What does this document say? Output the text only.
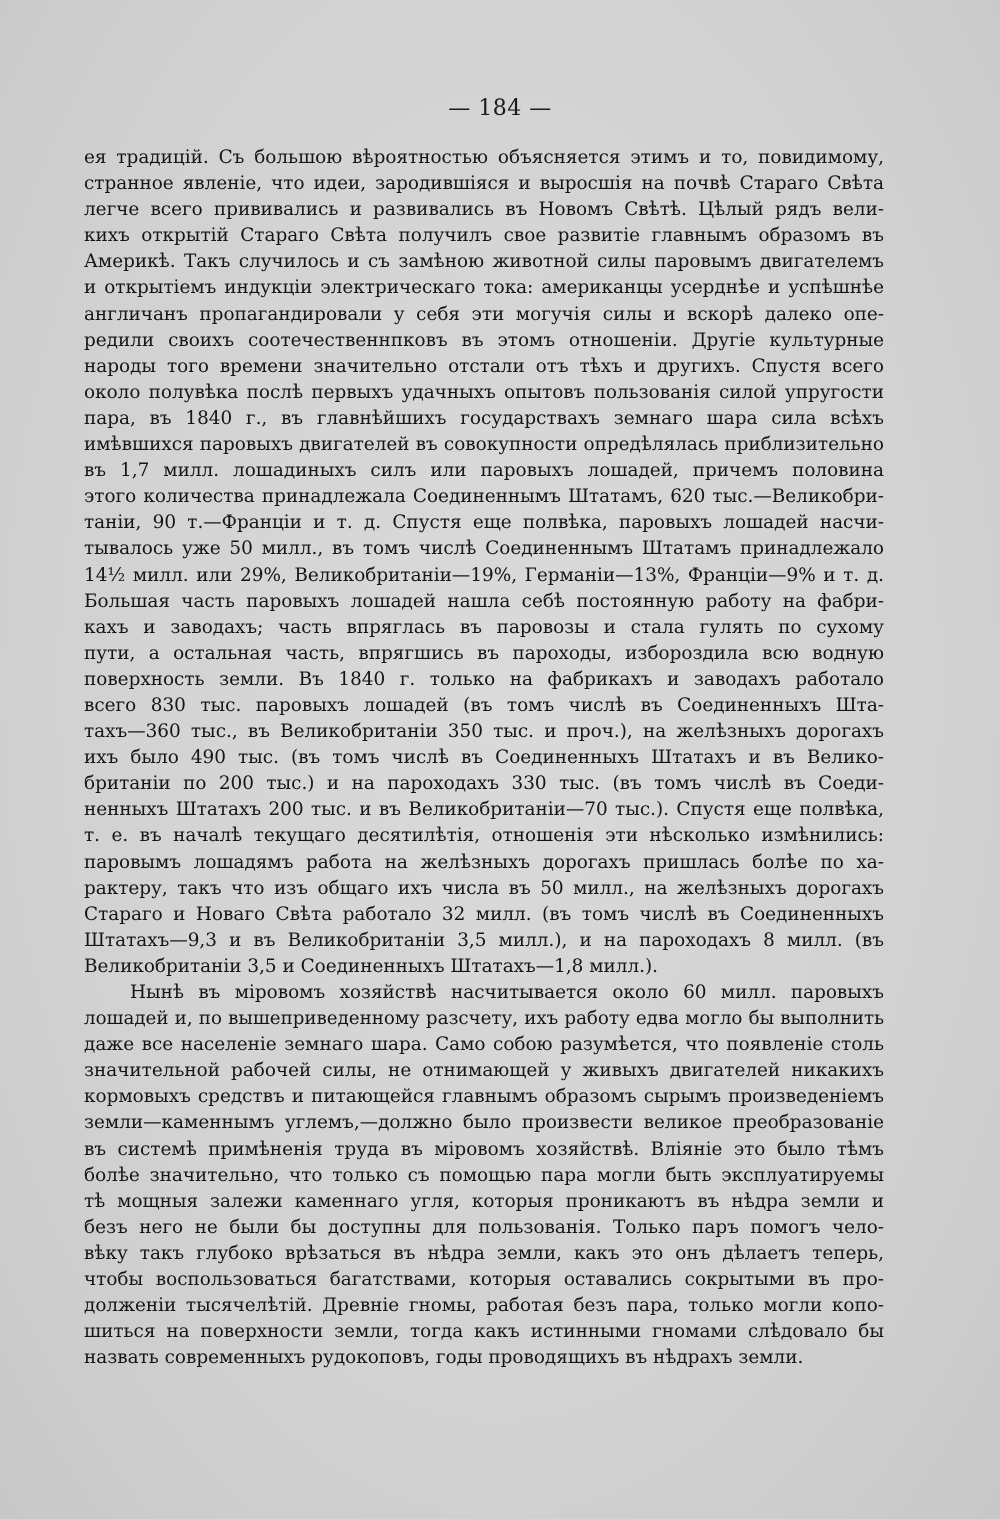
— 184 —
ея традицій. Съ большою вѣроятностью объясняется этимъ и то, повидимому,
странное явленіе, что идеи, зародившіяся и выросшія на почвѣ Стараго Свѣта
легче всего прививались и развивались въ Новомъ Свѣтѣ. Цѣлый рядъ вели-
кихъ открытій Стараго Свѣта получилъ свое развитіе главнымъ образомъ въ
Америкѣ. Такъ случилось и съ замѣною животной силы паровымъ двигателемъ
и открытіемъ индукціи электрическаго тока: американцы усерднѣе и успѣшнѣе
англичанъ пропагандировали у себя эти могучія силы и вскорѣ далеко опе-
редили своихъ соотечественнпковъ въ этомъ отношеніи. Другіе культурные
народы того времени значительно отстали отъ тѣхъ и другихъ. Спустя всего
около полувѣка послѣ первыхъ удачныхъ опытовъ пользованія силой упругости
пара, въ 1840 г., въ главнѣйшихъ государствахъ земнаго шара сила всѣхъ
имѣвшихся паровыхъ двигателей въ совокупности опредѣлялась приблизительно
въ 1,7 милл. лошадиныхъ силъ или паровыхъ лошадей, причемъ половина
этого количества принадлежала Соединеннымъ Штатамъ, 620 тыс.—Великобри-
таніи, 90 т.—Франціи и т. д. Спустя еще полвѣка, паровыхъ лошадей насчи-
тывалось уже 50 милл., въ томъ числѣ Соединеннымъ Штатамъ принадлежало
14½ милл. или 29%, Великобританіи—19%, Германіи—13%, Франціи—9% и т. д.
Большая часть паровыхъ лошадей нашла себѣ постоянную работу на фабри-
кахъ и заводахъ; часть впряглась въ паровозы и стала гулять по сухому
пути, а остальная часть, впрягшись въ пароходы, избороздила всю водную
поверхность земли. Въ 1840 г. только на фабрикахъ и заводахъ работало
всего 830 тыс. паровыхъ лошадей (въ томъ числѣ въ Соединенныхъ Шта-
тахъ—360 тыс., въ Великобританіи 350 тыс. и проч.), на желѣзныхъ дорогахъ
ихъ было 490 тыс. (въ томъ числѣ въ Соединенныхъ Штатахъ и въ Велико-
британіи по 200 тыс.) и на пароходахъ 330 тыс. (въ томъ числѣ въ Соеди-
ненныхъ Штатахъ 200 тыс. и въ Великобританіи—70 тыс.). Спустя еще полвѣка,
т. е. въ началѣ текущаго десятилѣтія, отношенія эти нѣсколько измѣнились:
паровымъ лошадямъ работа на желѣзныхъ дорогахъ пришлась болѣе по ха-
рактеру, такъ что изъ общаго ихъ числа въ 50 милл., на желѣзныхъ дорогахъ
Стараго и Новаго Свѣта работало 32 милл. (въ томъ числѣ въ Соединенныхъ
Штатахъ—9,3 и въ Великобританіи 3,5 милл.), и на пароходахъ 8 милл. (въ
Великобританіи 3,5 и Соединенныхъ Штатахъ—1,8 милл.).
Нынѣ въ міровомъ хозяйствѣ насчитывается около 60 милл. паровыхъ
лошадей и, по вышеприведенному разсчету, ихъ работу едва могло бы выполнить
даже все населеніе земнаго шара. Само собою разумѣется, что появленіе столь
значительной рабочей силы, не отнимающей у живыхъ двигателей никакихъ
кормовыхъ средствъ и питающейся главнымъ образомъ сырымъ произведеніемъ
земли—каменнымъ углемъ,—должно было произвести великое преобразованіе
въ системѣ примѣненія труда въ міровомъ хозяйствѣ. Вліяніе это было тѣмъ
болѣе значительно, что только съ помощью пара могли быть эксплуатируемы
тѣ мощныя залежи каменнаго угля, которыя проникаютъ въ нѣдра земли и
безъ него не были бы доступны для пользованія. Только паръ помогъ чело-
вѣку такъ глубоко врѣзаться въ нѣдра земли, какъ это онъ дѣлаетъ теперь,
чтобы воспользоваться багатствами, которыя оставались сокрытыми въ про-
долженіи тысячелѣтій. Древніе гномы, работая безъ пара, только могли копо-
шиться на поверхности земли, тогда какъ истинными гномами слѣдовало бы
назвать современныхъ рудокоповъ, годы проводящихъ въ нѣдрахъ земли.
